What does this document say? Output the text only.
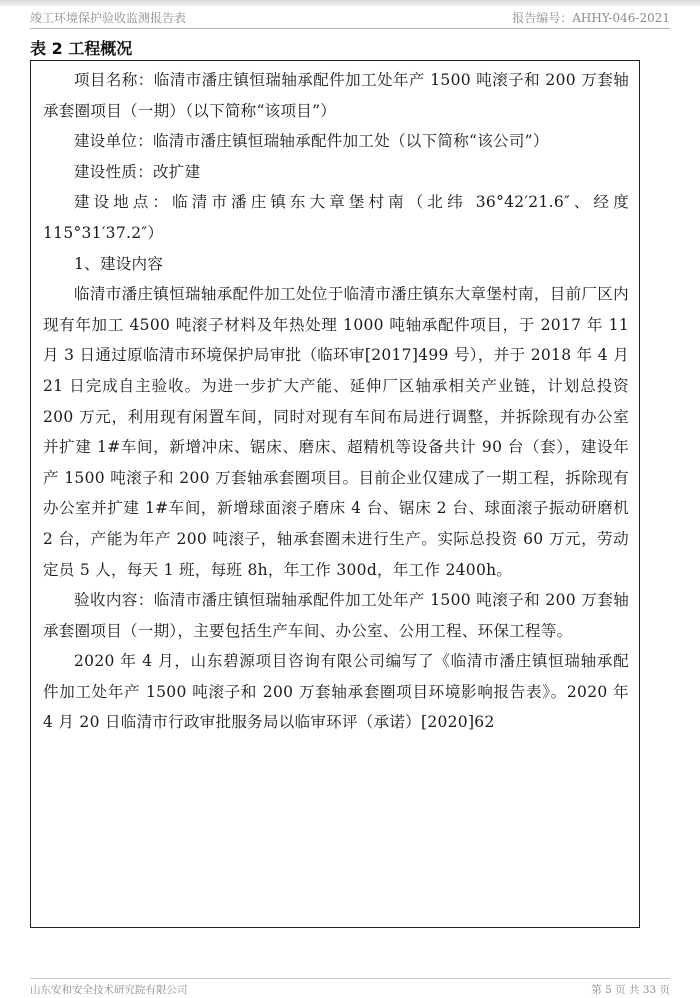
竣工环境保护验收监测报告表	报告编号：AHHY-046-2021
表 2 工程概况

项目名称：临清市潘庄镇恒瑞轴承配件加工处年产 1500 吨滚子和 200 万套轴承套圈项目（一期）（以下简称“该项目”）

建设单位：临清市潘庄镇恒瑞轴承配件加工处（以下简称“该公司”）

建设性质：改扩建

建设地点：临清市潘庄镇东大章堡村南（北纬 36°42′21.6″、经度 115°31′37.2″）

1、建设内容

临清市潘庄镇恒瑞轴承配件加工处位于临清市潘庄镇东大章堡村南，目前厂区内现有年加工 4500 吨滚子材料及年热处理 1000 吨轴承配件项目，于 2017 年 11 月 3 日通过原临清市环境保护局审批（临环审[2017]499 号），并于 2018 年 4 月 21 日完成自主验收。为进一步扩大产能、延伸厂区轴承相关产业链，计划总投资 200 万元，利用现有闲置车间，同时对现有车间布局进行调整，并拆除现有办公室并扩建 1#车间，新增冲床、锯床、磨床、超精机等设备共计 90 台（套），建设年产 1500 吨滚子和 200 万套轴承套圈项目。目前企业仅建成了一期工程，拆除现有办公室并扩建 1#车间，新增球面滚子磨床 4 台、锯床 2 台、球面滚子振动研磨机 2 台，产能为年产 200 吨滚子，轴承套圈未进行生产。实际总投资 60 万元，劳动定员 5 人，每天 1 班，每班 8h，年工作 300d，年工作 2400h。

验收内容：临清市潘庄镇恒瑞轴承配件加工处年产 1500 吨滚子和 200 万套轴承套圈项目（一期），主要包括生产车间、办公室、公用工程、环保工程等。

2020 年 4 月，山东碧源项目咨询有限公司编写了《临清市潘庄镇恒瑞轴承配件加工处年产 1500 吨滚子和 200 万套轴承套圈项目环境影响报告表》。2020 年 4 月 20 日临清市行政审批服务局以临审环评（承诺）[2020]62

山东安和安全技术研究院有限公司	第 5 页 共 33 页
